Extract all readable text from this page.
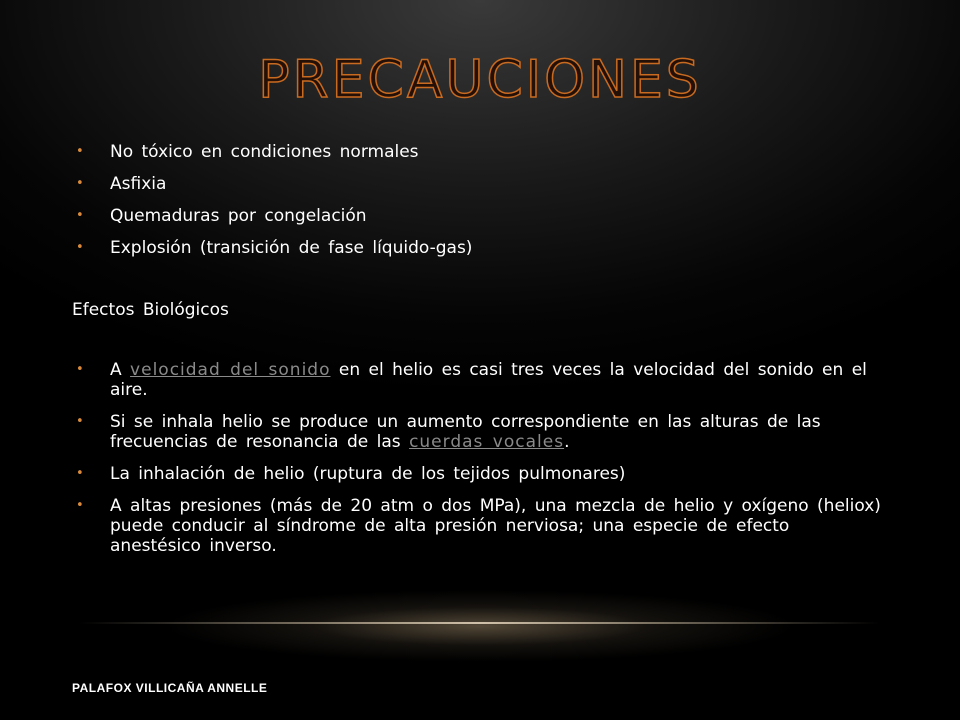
PRECAUCIONES
• No tóxico en condiciones normales
• Asfixia
• Quemaduras por congelación
• Explosión (transición de fase líquido-gas)
Efectos Biológicos
• A velocidad del sonido en el helio es casi tres veces la velocidad del sonido en el aire.
• Si se inhala helio se produce un aumento correspondiente en las alturas de las frecuencias de resonancia de las cuerdas vocales.
• La inhalación de helio (ruptura de los tejidos pulmonares)
• A altas presiones (más de 20 atm o dos MPa), una mezcla de helio y oxígeno (heliox) puede conducir al síndrome de alta presión nerviosa; una especie de efecto anestésico inverso.
PALAFOX VILLICAÑA ANNELLE
